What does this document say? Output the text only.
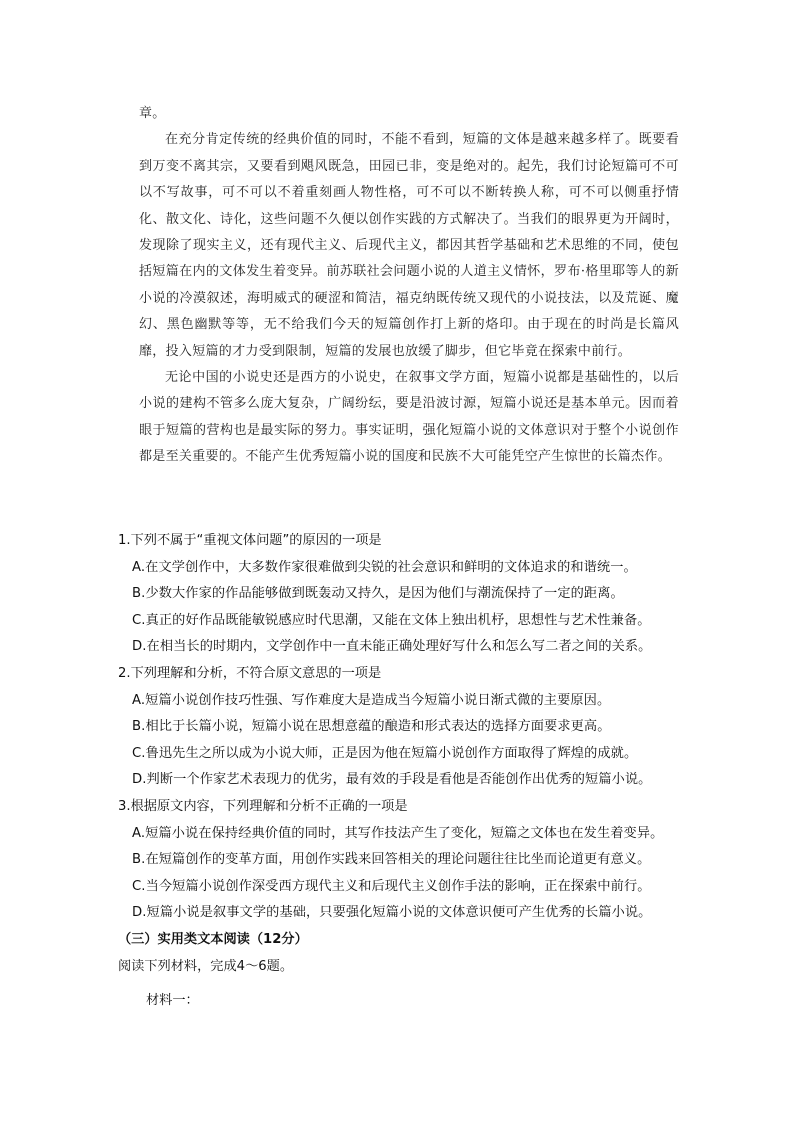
章。

在充分肯定传统的经典价值的同时，不能不看到，短篇的文体是越来越多样了。既要看到万变不离其宗，又要看到飓风既急，田园已非，变是绝对的。起先，我们讨论短篇可不可以不写故事，可不可以不着重刻画人物性格，可不可以不断转换人称，可不可以侧重抒情化、散文化、诗化，这些问题不久便以创作实践的方式解决了。当我们的眼界更为开阔时，发现除了现实主义，还有现代主义、后现代主义，都因其哲学基础和艺术思维的不同，使包括短篇在内的文体发生着变异。前苏联社会问题小说的人道主义情怀，罗布·格里耶等人的新小说的冷漠叙述，海明威式的硬涩和简洁，福克纳既传统又现代的小说技法，以及荒诞、魔幻、黑色幽默等等，无不给我们今天的短篇创作打上新的烙印。由于现在的时尚是长篇风靡，投入短篇的才力受到限制，短篇的发展也放缓了脚步，但它毕竟在探索中前行。

无论中国的小说史还是西方的小说史，在叙事文学方面，短篇小说都是基础性的，以后小说的建构不管多么庞大复杂，广阔纷纭，要是沿波讨源，短篇小说还是基本单元。因而着眼于短篇的营构也是最实际的努力。事实证明，强化短篇小说的文体意识对于整个小说创作都是至关重要的。不能产生优秀短篇小说的国度和民族不大可能凭空产生惊世的长篇杰作。

1.下列不属于“重视文体问题”的原因的一项是

A.在文学创作中，大多数作家很难做到尖锐的社会意识和鲜明的文体追求的和谐统一。

B.少数大作家的作品能够做到既轰动又持久，是因为他们与潮流保持了一定的距离。

C.真正的好作品既能敏锐感应时代思潮，又能在文体上独出机杼，思想性与艺术性兼备。

D.在相当长的时期内，文学创作中一直未能正确处理好写什么和怎么写二者之间的关系。

2.下列理解和分析，不符合原文意思的一项是

A.短篇小说创作技巧性强、写作难度大是造成当今短篇小说日渐式微的主要原因。

B.相比于长篇小说，短篇小说在思想意蕴的酿造和形式表达的选择方面要求更高。

C.鲁迅先生之所以成为小说大师，正是因为他在短篇小说创作方面取得了辉煌的成就。

D.判断一个作家艺术表现力的优劣，最有效的手段是看他是否能创作出优秀的短篇小说。

3.根据原文内容，下列理解和分析不正确的一项是

A.短篇小说在保持经典价值的同时，其写作技法产生了变化，短篇之文体也在发生着变异。

B.在短篇创作的变革方面，用创作实践来回答相关的理论问题往往比坐而论道更有意义。

C.当今短篇小说创作深受西方现代主义和后现代主义创作手法的影响，正在探索中前行。

D.短篇小说是叙事文学的基础，只要强化短篇小说的文体意识便可产生优秀的长篇小说。

（三）实用类文本阅读（12分）

阅读下列材料，完成4～6题。

材料一：
